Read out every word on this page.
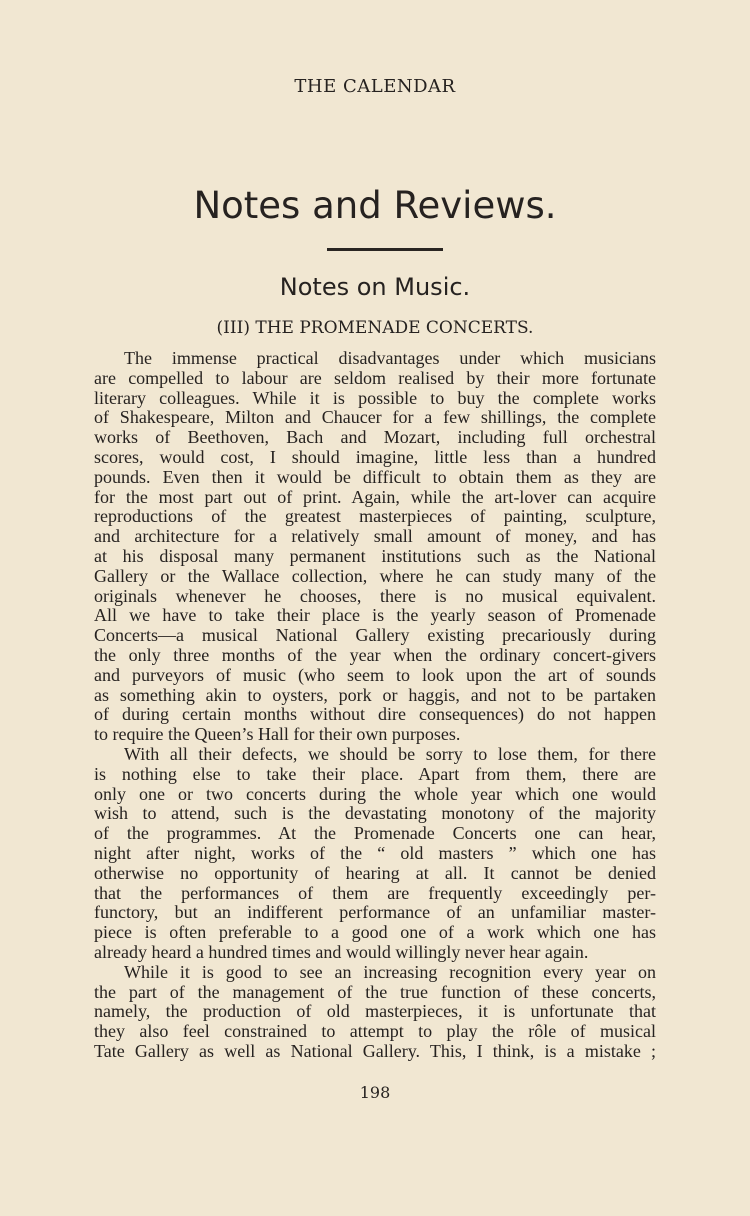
THE CALENDAR
Notes and Reviews.
Notes on Music.
(III) THE PROMENADE CONCERTS.
The immense practical disadvantages under which musicians
are compelled to labour are seldom realised by their more fortunate
literary colleagues. While it is possible to buy the complete works
of Shakespeare, Milton and Chaucer for a few shillings, the complete
works of Beethoven, Bach and Mozart, including full orchestral
scores, would cost, I should imagine, little less than a hundred
pounds. Even then it would be difficult to obtain them as they are
for the most part out of print. Again, while the art-lover can acquire
reproductions of the greatest masterpieces of painting, sculpture,
and architecture for a relatively small amount of money, and has
at his disposal many permanent institutions such as the National
Gallery or the Wallace collection, where he can study many of the
originals whenever he chooses, there is no musical equivalent.
All we have to take their place is the yearly season of Promenade
Concerts—a musical National Gallery existing precariously during
the only three months of the year when the ordinary concert-givers
and purveyors of music (who seem to look upon the art of sounds
as something akin to oysters, pork or haggis, and not to be partaken
of during certain months without dire consequences) do not happen
to require the Queen’s Hall for their own purposes.
With all their defects, we should be sorry to lose them, for there
is nothing else to take their place. Apart from them, there are
only one or two concerts during the whole year which one would
wish to attend, such is the devastating monotony of the majority
of the programmes. At the Promenade Concerts one can hear,
night after night, works of the “ old masters ” which one has
otherwise no opportunity of hearing at all. It cannot be denied
that the performances of them are frequently exceedingly per-
functory, but an indifferent performance of an unfamiliar master-
piece is often preferable to a good one of a work which one has
already heard a hundred times and would willingly never hear again.
While it is good to see an increasing recognition every year on
the part of the management of the true function of these concerts,
namely, the production of old masterpieces, it is unfortunate that
they also feel constrained to attempt to play the rôle of musical
Tate Gallery as well as National Gallery. This, I think, is a mistake ;
198
